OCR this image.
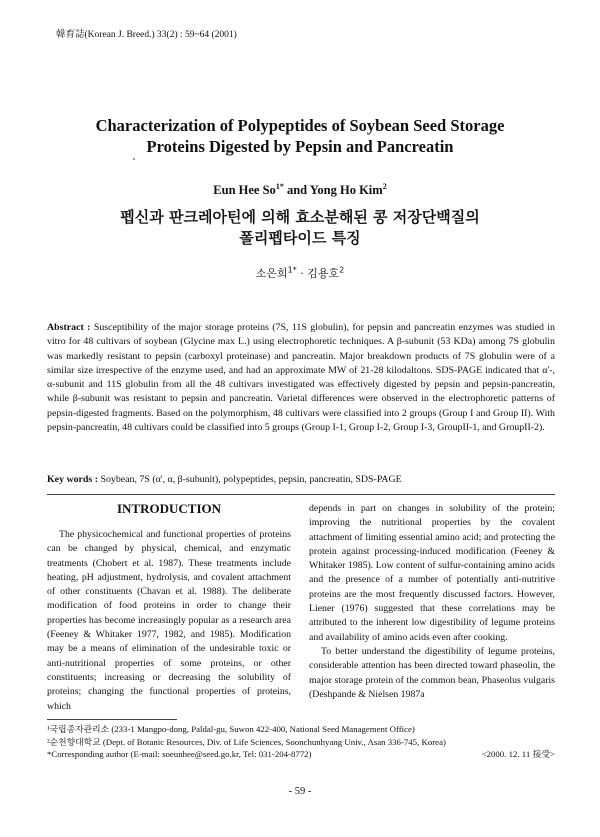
韓育誌(Korean J. Breed.) 33(2) : 59~64 (2001)
Characterization of Polypeptides of Soybean Seed Storage
Proteins Digested by Pepsin and Pancreatin
Eun Hee $So^{1*}$ and Yong Ho Kim$^2$
펩신과 판크레아틴에 의해 효소분해된 콩 저장단백질의
폴리펩타이드 특징
소은희$^{1*}$ · 김용호$^2$
Abstract : Susceptibility of the major storage proteins (7S, 11S globulin), for pepsin and pancreatin enzymes was studied in vitro for 48 cultivars of soybean (Glycine max L.) using electrophoretic techniques. A β-subunit (53 KDa) among 7S globulin was markedly resistant to pepsin (carboxyl proteinase) and pancreatin. Major breakdown products of 7S globulin were of a similar size irrespective of the enzyme used, and had an approximate MW of 21-28 kilodaltons. SDS-PAGE indicated that α'-, α-subunit and 11S globulin from all the 48 cultivars investigated was effectively digested by pepsin and pepsin-pancreatin, while β-subunit was resistant to pepsin and pancreatin. Varietal differences were observed in the electrophoretic patterns of pepsin-digested fragments. Based on the polymorphism, 48 cultivars were classified into 2 groups (Group I and Group II). With pepsin-pancreatin, 48 cultivars could be classified into 5 groups (Group I-1, Group I-2, Group I-3, GroupII-1, and GroupII-2).
Key words : Soybean, 7S (α', α, β-subunit), polypeptides, pepsin, pancreatin, SDS-PAGE
INTRODUCTION

The physicochemical and functional properties of proteins can be changed by physical, chemical, and enzymatic treatments (Chobert et al. 1987). These treatments include heating, pH adjustment, hydrolysis, and covalent attachment of other constituents (Chavan et al. 1988). The deliberate modification of food proteins in order to change their properties has become increasingly popular as a research area (Feeney & Whitaker 1977, 1982, and 1985). Modification may be a means of elimination of the undesirable toxic or anti-nutritional properties of some proteins, or other constituents; increasing or decreasing the solubility of proteins; changing the functional properties of proteins, which

depends in part on changes in solubility of the protein; improving the nutritional properties by the covalent attachment of limiting essential amino acid; and protecting the protein against processing-induced modification (Feeney & Whitaker 1985). Low content of sulfur-containing amino acids and the presence of a number of potentially anti-nutritive proteins are the most frequently discussed factors. However, Liener (1976) suggested that these correlations may be attributed to the inherent low digestibility of legume proteins and availability of amino acids even after cooking.

To better understand the digestibility of legume proteins, considerable attention has been directed toward phaseolin, the major storage protein of the common bean, Phaseolus vulgaris (Deshpande & Nielsen 1987a

¹국립종자관리소 (233-1 Mangpo-dong, Paldal-gu, Suwon 422-400, National Seed Management Office)
²순천향대학교 (Dept. of Botanic Resources, Div. of Life Sciences, Soonchunhyang Univ., Asan 336-745, Korea)
*Corresponding author (E-mail: soeunhee@seed.go.kr, Tel: 031-204-8772)	<2000. 12. 11 接受>
- 59 -
